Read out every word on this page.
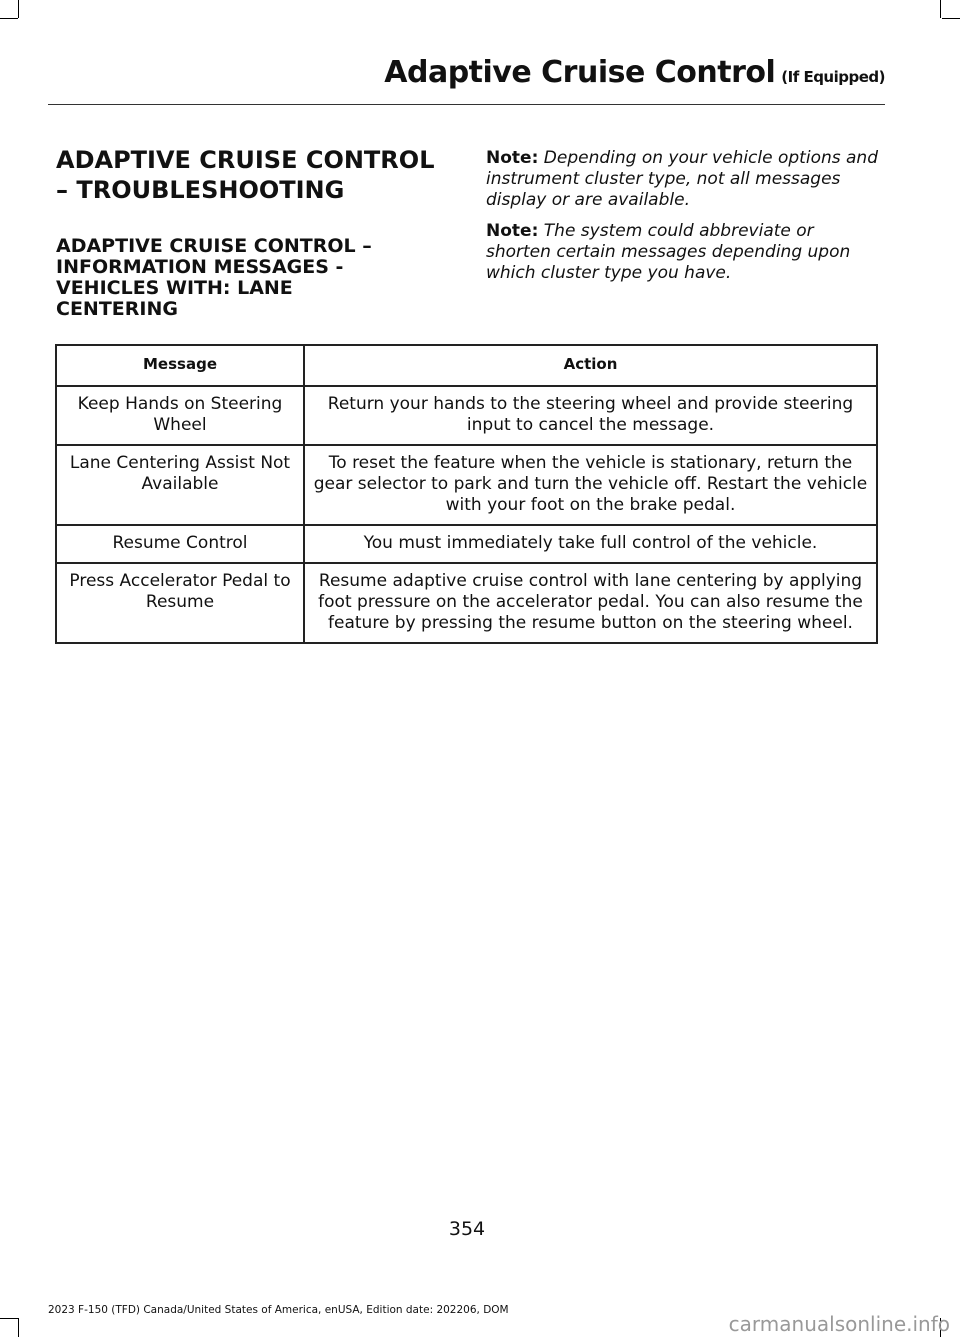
Adaptive Cruise Control (If Equipped)
ADAPTIVE CRUISE CONTROL
– TROUBLESHOOTING
ADAPTIVE CRUISE CONTROL –
INFORMATION MESSAGES -
VEHICLES WITH: LANE
CENTERING
Note: Depending on your vehicle options and instrument cluster type, not all messages display or are available.
Note: The system could abbreviate or shorten certain messages depending upon which cluster type you have.
Message	Action
Keep Hands on Steering Wheel	Return your hands to the steering wheel and provide steering input to cancel the message.
Lane Centering Assist Not Available	To reset the feature when the vehicle is stationary, return the gear selector to park and turn the vehicle off. Restart the vehicle with your foot on the brake pedal.
Resume Control	You must immediately take full control of the vehicle.
Press Accelerator Pedal to Resume	Resume adaptive cruise control with lane centering by applying foot pressure on the accelerator pedal. You can also resume the feature by pressing the resume button on the steering wheel.
354
2023 F-150 (TFD) Canada/United States of America, enUSA, Edition date: 202206, DOM
carmanualsonline.info
